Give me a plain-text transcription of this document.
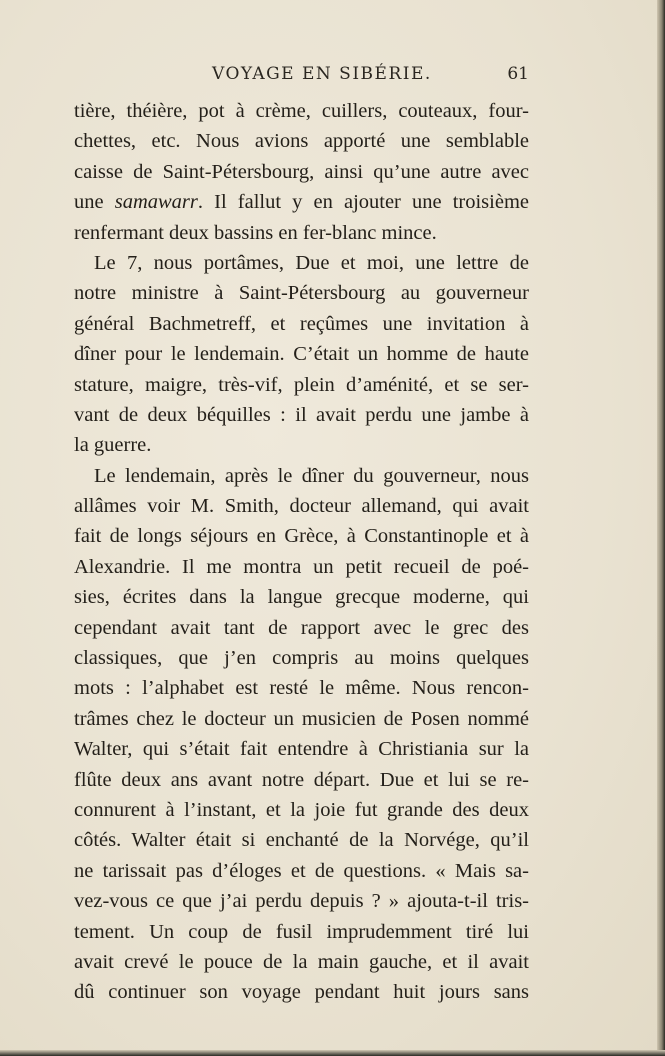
VOYAGE EN SIBÉRIE.	61
tière, théière, pot à crème, cuillers, couteaux, four-
chettes, etc. Nous avions apporté une semblable
caisse de Saint-Pétersbourg, ainsi qu’une autre avec
une samawarr. Il fallut y en ajouter une troisième
renfermant deux bassins en fer-blanc mince.
Le 7, nous portâmes, Due et moi, une lettre de
notre ministre à Saint-Pétersbourg au gouverneur
général Bachmetreff, et reçûmes une invitation à
dîner pour le lendemain. C’était un homme de haute
stature, maigre, très-vif, plein d’aménité, et se ser-
vant de deux béquilles : il avait perdu une jambe à
la guerre.
Le lendemain, après le dîner du gouverneur, nous
allâmes voir M. Smith, docteur allemand, qui avait
fait de longs séjours en Grèce, à Constantinople et à
Alexandrie. Il me montra un petit recueil de poé-
sies, écrites dans la langue grecque moderne, qui
cependant avait tant de rapport avec le grec des
classiques, que j’en compris au moins quelques
mots : l’alphabet est resté le même. Nous rencon-
trâmes chez le docteur un musicien de Posen nommé
Walter, qui s’était fait entendre à Christiania sur la
flûte deux ans avant notre départ. Due et lui se re-
connurent à l’instant, et la joie fut grande des deux
côtés. Walter était si enchanté de la Norvége, qu’il
ne tarissait pas d’éloges et de questions. « Mais sa-
vez-vous ce que j’ai perdu depuis ? » ajouta-t-il tris-
tement. Un coup de fusil imprudemment tiré lui
avait crevé le pouce de la main gauche, et il avait
dû continuer son voyage pendant huit jours sans
